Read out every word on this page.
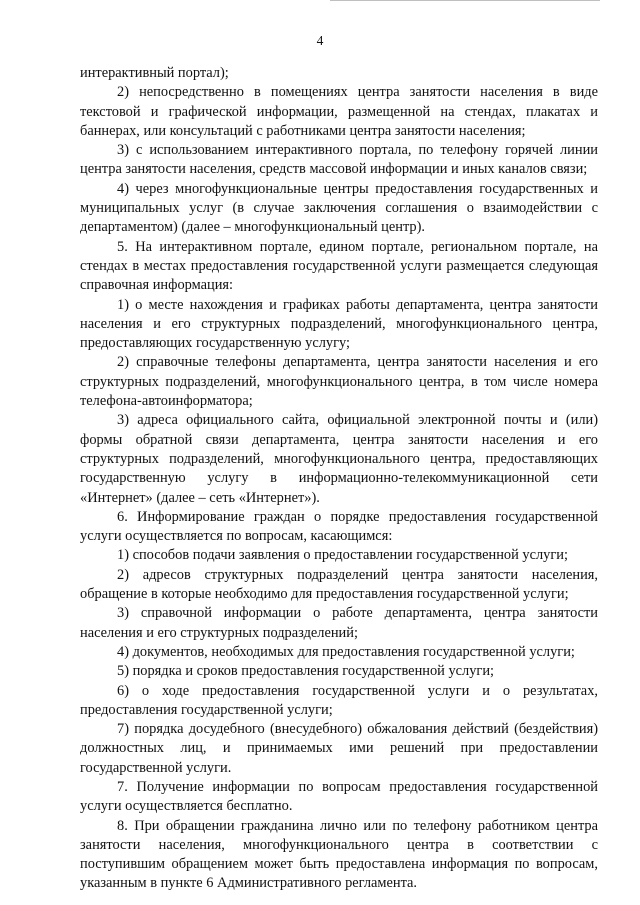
4

интерактивный портал);

2) непосредственно в помещениях центра занятости населения в виде текстовой и графической информации, размещенной на стендах, плакатах и баннерах, или консультаций с работниками центра занятости населения;

3) с использованием интерактивного портала, по телефону горячей линии центра занятости населения, средств массовой информации и иных каналов связи;

4) через многофункциональные центры предоставления государственных и муниципальных услуг (в случае заключения соглашения о взаимодействии с департаментом) (далее – многофункциональный центр).

5. На интерактивном портале, едином портале, региональном портале, на стендах в местах предоставления государственной услуги размещается следующая справочная информация:

1) о месте нахождения и графиках работы департамента, центра занятости населения и его структурных подразделений, многофункционального центра, предоставляющих государственную услугу;

2) справочные телефоны департамента, центра занятости населения и его структурных подразделений, многофункционального центра, в том числе номера телефона-автоинформатора;

3) адреса официального сайта, официальной электронной почты и (или) формы обратной связи департамента, центра занятости населения и его структурных подразделений, многофункционального центра, предоставляющих государственную услугу в информационно-телекоммуникационной сети «Интернет» (далее – сеть «Интернет»).

6. Информирование граждан о порядке предоставления государственной услуги осуществляется по вопросам, касающимся:

1) способов подачи заявления о предоставлении государственной услуги;

2) адресов структурных подразделений центра занятости населения, обращение в которые необходимо для предоставления государственной услуги;

3) справочной информации о работе департамента, центра занятости населения и его структурных подразделений;

4) документов, необходимых для предоставления государственной услуги;

5) порядка и сроков предоставления государственной услуги;

6) о ходе предоставления государственной услуги и о результатах, предоставления государственной услуги;

7) порядка досудебного (внесудебного) обжалования действий (бездействия) должностных лиц, и принимаемых ими решений при предоставлении государственной услуги.

7. Получение информации по вопросам предоставления государственной услуги осуществляется бесплатно.

8. При обращении гражданина лично или по телефону работником центра занятости населения, многофункционального центра в соответствии с поступившим обращением может быть предоставлена информация по вопросам, указанным в пункте 6 Административного регламента.
